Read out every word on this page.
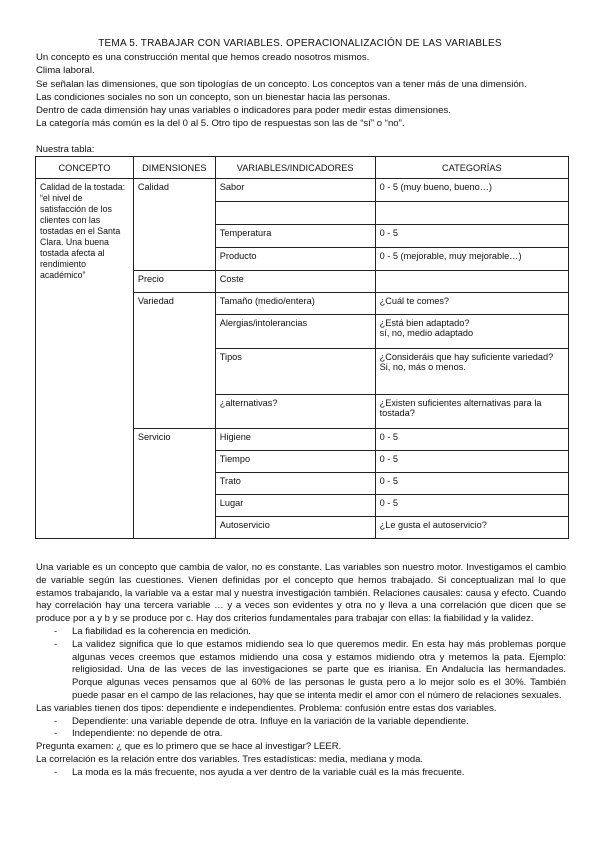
TEMA 5. TRABAJAR CON VARIABLES. OPERACIONALIZACIÓN DE LAS VARIABLES

Un concepto es una construcción mental que hemos creado nosotros mismos.

Clima laboral.

Se señalan las dimensiones, que son tipologías de un concepto. Los conceptos van a tener más de una dimensión.

Las condiciones sociales no son un concepto, son un bienestar hacia las personas.

Dentro de cada dimensión hay unas variables o indicadores para poder medir estas dimensiones.

La categoría más común es la del 0 al 5. Otro tipo de respuestas son las de “sí” o “no”.

Nuestra tabla:
CONCEPTO	DIMENSIONES	VARIABLES/INDICADORES	CATEGORÍAS
Calidad de la tostada: “el nivel de satisfacción de los clientes con las tostadas en el Santa Clara. Una buena tostada afecta al rendimiento académico”	Calidad	Sabor	0 - 5 (muy bueno, bueno…)

		Temperatura	0 - 5
		Producto	0 - 5 (mejorable, muy mejorable…)
	Precio	Coste	
	Variedad	Tamaño (medio/entera)	¿Cuál te comes?
		Alergias/intolerancias	¿Está bien adaptado?
sí, no, medio adaptado

		Tipos	¿Consideráis que hay suficiente variedad?
Si, no, más o menos.

		¿alternativas?	¿Existen suficientes alternativas para la tostada?
	Servicio	Higiene	0 - 5
		Tiempo	0 - 5
		Trato	0 - 5
		Lugar	0 - 5
		Autoservicio	¿Le gusta el autoservicio?

Una variable es un concepto que cambia de valor, no es constante. Las variables son nuestro motor. Investigamos el cambio de variable según las cuestiones. Vienen definidas por el concepto que hemos trabajado. Si conceptualizan mal lo que estamos trabajando, la variable va a estar mal y nuestra investigación también. Relaciones causales: causa y efecto. Cuando hay correlación hay una tercera variable … y a veces son evidentes y otra no y lleva a una correlación que dicen que se produce por a y b y se produce por c. Hay dos criterios fundamentales para trabajar con ellas: la fiabilidad y la validez.

- La fiabilidad es la coherencia en medición.
- La validez significa que lo que estamos midiendo sea lo que queremos medir. En esta hay más problemas porque algunas veces creemos que estamos midiendo una cosa y estamos midiendo otra y metemos la pata. Ejemplo: religiosidad. Una de las veces de las investigaciones se parte que es irianisa. En Andalucía las hermandades. Porque algunas veces pensamos que al 60% de las personas le gusta pero a lo mejor solo es el 30%. También puede pasar en el campo de las relaciones, hay que se intenta medir el amor con el número de relaciones sexuales.

Las variables tienen dos tipos: dependiente e independientes. Problema: confusión entre estas dos variables.

- Dependiente: una variable depende de otra. Influye en la variación de la variable dependiente.
- Independiente: no depende de otra.

Pregunta examen: ¿ que es lo primero que se hace al investigar? LEER.

La correlación es la relación entre dos variables. Tres estadísticas: media, mediana y moda.

- La moda es la más frecuente, nos ayuda a ver dentro de la variable cuál es la más frecuente.
